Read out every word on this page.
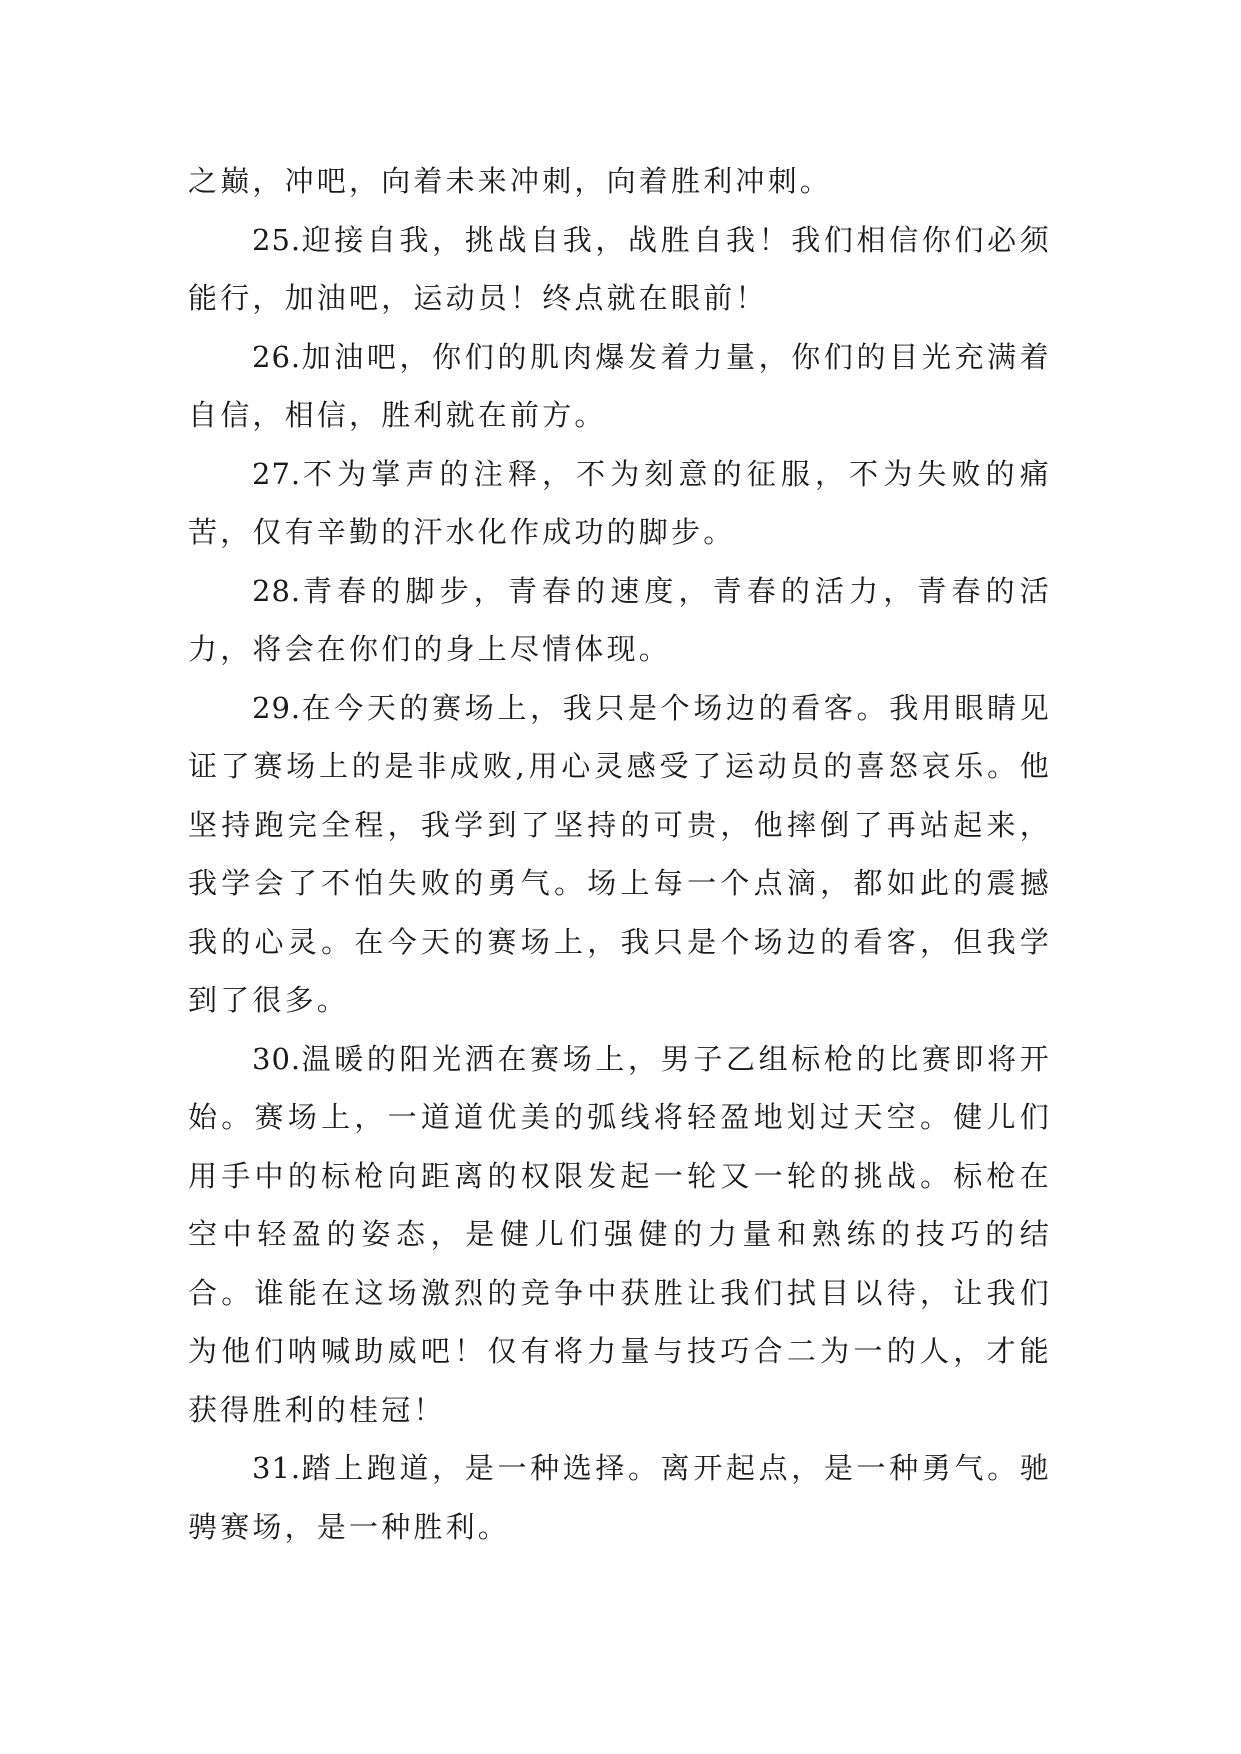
之巅，冲吧，向着未来冲刺，向着胜利冲刺。

25.迎接自我，挑战自我，战胜自我！我们相信你们必须能行，加油吧，运动员！终点就在眼前！

26.加油吧，你们的肌肉爆发着力量，你们的目光充满着自信，相信，胜利就在前方。

27.不为掌声的注释，不为刻意的征服，不为失败的痛苦，仅有辛勤的汗水化作成功的脚步。

28.青春的脚步，青春的速度，青春的活力，青春的活力，将会在你们的身上尽情体现。

29.在今天的赛场上，我只是个场边的看客。我用眼睛见证了赛场上的是非成败,用心灵感受了运动员的喜怒哀乐。他坚持跑完全程，我学到了坚持的可贵，他摔倒了再站起来，我学会了不怕失败的勇气。场上每一个点滴，都如此的震撼我的心灵。在今天的赛场上，我只是个场边的看客，但我学到了很多。

30.温暖的阳光洒在赛场上，男子乙组标枪的比赛即将开始。赛场上，一道道优美的弧线将轻盈地划过天空。健儿们用手中的标枪向距离的权限发起一轮又一轮的挑战。标枪在空中轻盈的姿态，是健儿们强健的力量和熟练的技巧的结合。谁能在这场激烈的竞争中获胜让我们拭目以待，让我们为他们呐喊助威吧！仅有将力量与技巧合二为一的人，才能获得胜利的桂冠！

31.踏上跑道，是一种选择。离开起点，是一种勇气。驰骋赛场，是一种胜利。
